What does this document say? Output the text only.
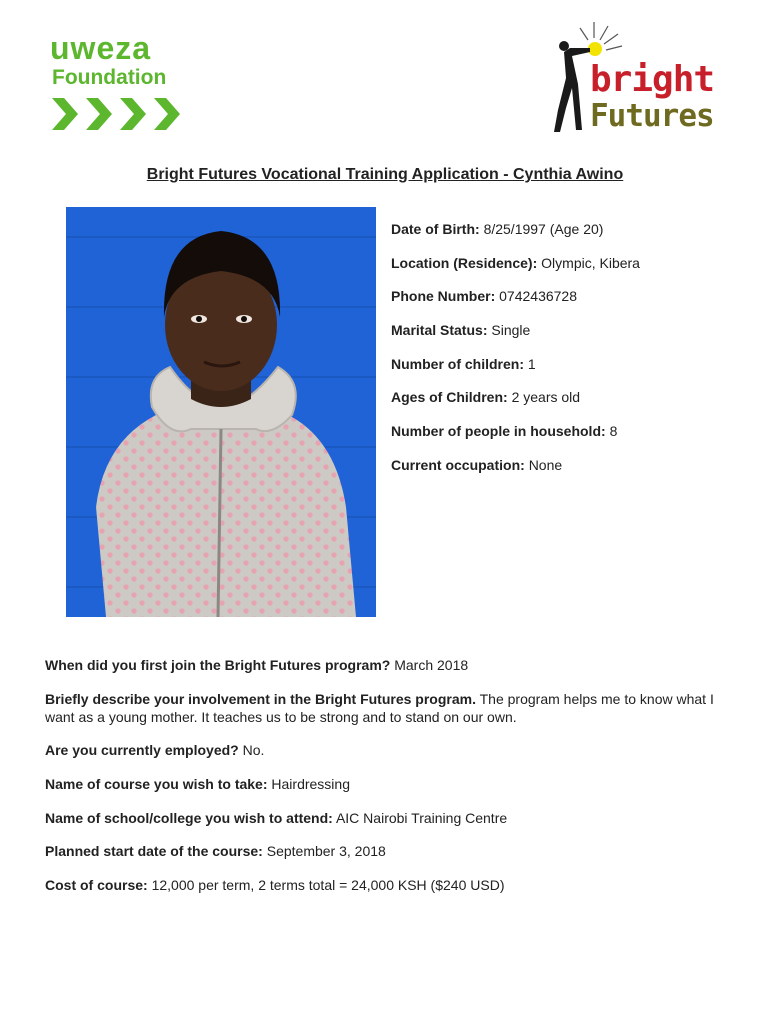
uweza
Foundation	bright
Futures
Bright Futures Vocational Training Application - Cynthia Awino
Date of Birth: 8/25/1997 (Age 20)
Location (Residence): Olympic, Kibera
Phone Number: 0742436728
Marital Status: Single
Number of children: 1
Ages of Children: 2 years old
Number of people in household: 8
Current occupation: None
When did you first join the Bright Futures program? March 2018
Briefly describe your involvement in the Bright Futures program. The program helps me to know what I want as a young mother. It teaches us to be strong and to stand on our own.
Are you currently employed? No.
Name of course you wish to take: Hairdressing
Name of school/college you wish to attend: AIC Nairobi Training Centre
Planned start date of the course: September 3, 2018
Cost of course: 12,000 per term, 2 terms total = 24,000 KSH ($240 USD)
